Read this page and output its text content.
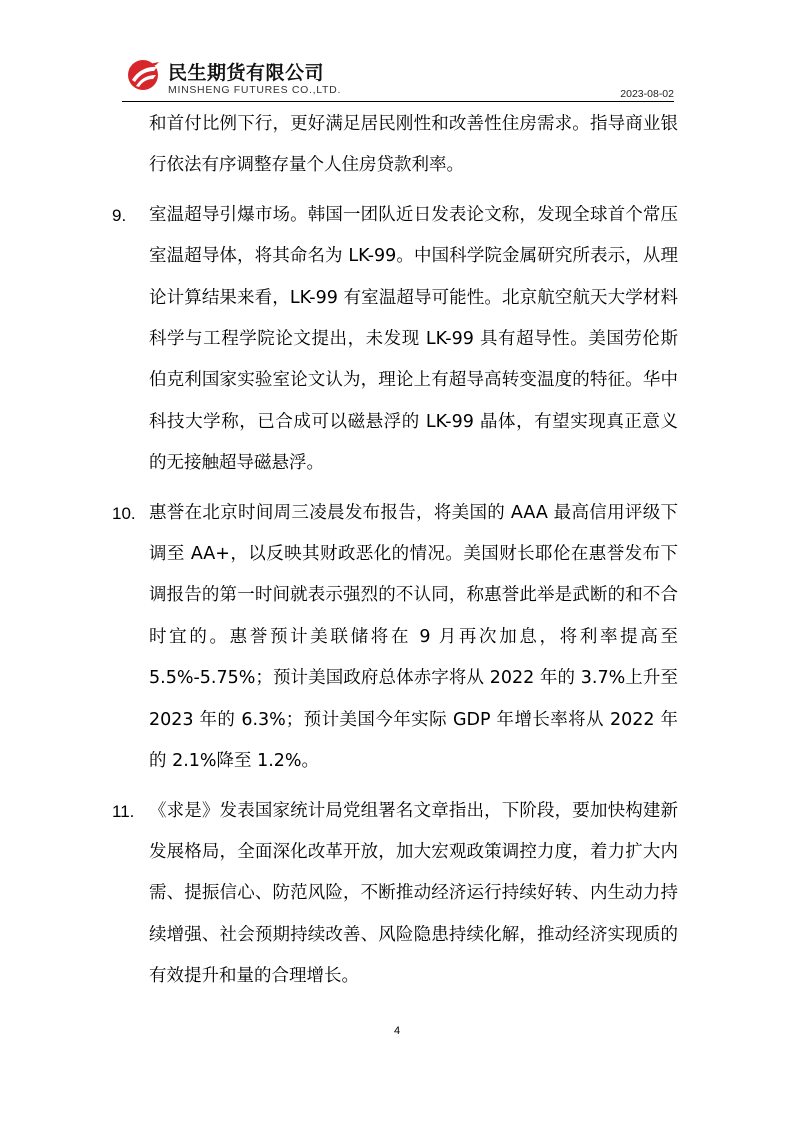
民生期货有限公司
MINSHENG FUTURES CO.,LTD.	2023-08-02
和首付比例下行，更好满足居民刚性和改善性住房需求。指导商业银行依法有序调整存量个人住房贷款利率。
9. 室温超导引爆市场。韩国一团队近日发表论文称，发现全球首个常压室温超导体，将其命名为 LK-99。中国科学院金属研究所表示，从理论计算结果来看，LK-99 有室温超导可能性。北京航空航天大学材料科学与工程学院论文提出，未发现 LK-99 具有超导性。美国劳伦斯伯克利国家实验室论文认为，理论上有超导高转变温度的特征。华中科技大学称，已合成可以磁悬浮的 LK-99 晶体，有望实现真正意义的无接触超导磁悬浮。
10. 惠誉在北京时间周三凌晨发布报告，将美国的 AAA 最高信用评级下调至 AA+，以反映其财政恶化的情况。美国财长耶伦在惠誉发布下调报告的第一时间就表示强烈的不认同，称惠誉此举是武断的和不合时宜的。惠誉预计美联储将在 9 月再次加息，将利率提高至 5.5%-5.75%；预计美国政府总体赤字将从 2022 年的 3.7%上升至 2023 年的 6.3%；预计美国今年实际 GDP 年增长率将从 2022 年的 2.1%降至 1.2%。
11. 《求是》发表国家统计局党组署名文章指出，下阶段，要加快构建新发展格局，全面深化改革开放，加大宏观政策调控力度，着力扩大内需、提振信心、防范风险，不断推动经济运行持续好转、内生动力持续增强、社会预期持续改善、风险隐患持续化解，推动经济实现质的有效提升和量的合理增长。
4
